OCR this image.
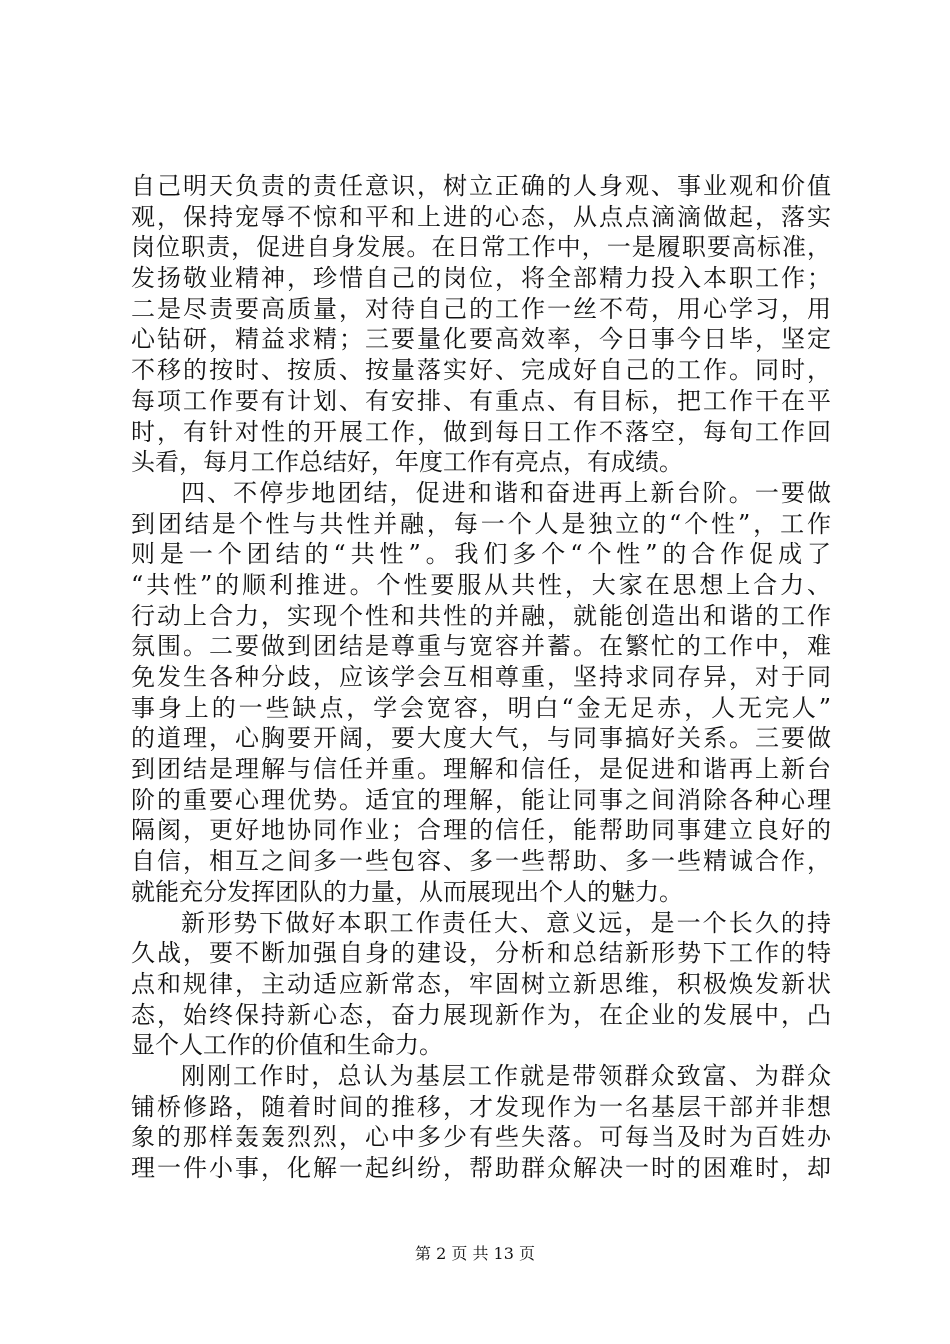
自己明天负责的责任意识，树立正确的人身观、事业观和价值
观，保持宠辱不惊和平和上进的心态，从点点滴滴做起，落实
岗位职责，促进自身发展。在日常工作中，一是履职要高标准，
发扬敬业精神，珍惜自己的岗位，将全部精力投入本职工作；
二是尽责要高质量，对待自己的工作一丝不苟，用心学习，用
心钻研，精益求精；三要量化要高效率，今日事今日毕，坚定
不移的按时、按质、按量落实好、完成好自己的工作。同时，
每项工作要有计划、有安排、有重点、有目标，把工作干在平
时，有针对性的开展工作，做到每日工作不落空，每旬工作回
头看，每月工作总结好，年度工作有亮点，有成绩。
四、不停步地团结，促进和谐和奋进再上新台阶。一要做
到团结是个性与共性并融，每一个人是独立的“个性”，工作
则是一个团结的“共性”。我们多个“个性”的合作促成了
“共性”的顺利推进。个性要服从共性，大家在思想上合力、
行动上合力，实现个性和共性的并融，就能创造出和谐的工作
氛围。二要做到团结是尊重与宽容并蓄。在繁忙的工作中，难
免发生各种分歧，应该学会互相尊重，坚持求同存异，对于同
事身上的一些缺点，学会宽容，明白“金无足赤，人无完人”
的道理，心胸要开阔，要大度大气，与同事搞好关系。三要做
到团结是理解与信任并重。理解和信任，是促进和谐再上新台
阶的重要心理优势。适宜的理解，能让同事之间消除各种心理
隔阂，更好地协同作业；合理的信任，能帮助同事建立良好的
自信，相互之间多一些包容、多一些帮助、多一些精诚合作，
就能充分发挥团队的力量，从而展现出个人的魅力。
新形势下做好本职工作责任大、意义远，是一个长久的持
久战，要不断加强自身的建设，分析和总结新形势下工作的特
点和规律，主动适应新常态，牢固树立新思维，积极焕发新状
态，始终保持新心态，奋力展现新作为，在企业的发展中，凸
显个人工作的价值和生命力。
刚刚工作时，总认为基层工作就是带领群众致富、为群众
铺桥修路，随着时间的推移，才发现作为一名基层干部并非想
象的那样轰轰烈烈，心中多少有些失落。可每当及时为百姓办
理一件小事，化解一起纠纷，帮助群众解决一时的困难时，却
第 2 页 共 13 页
